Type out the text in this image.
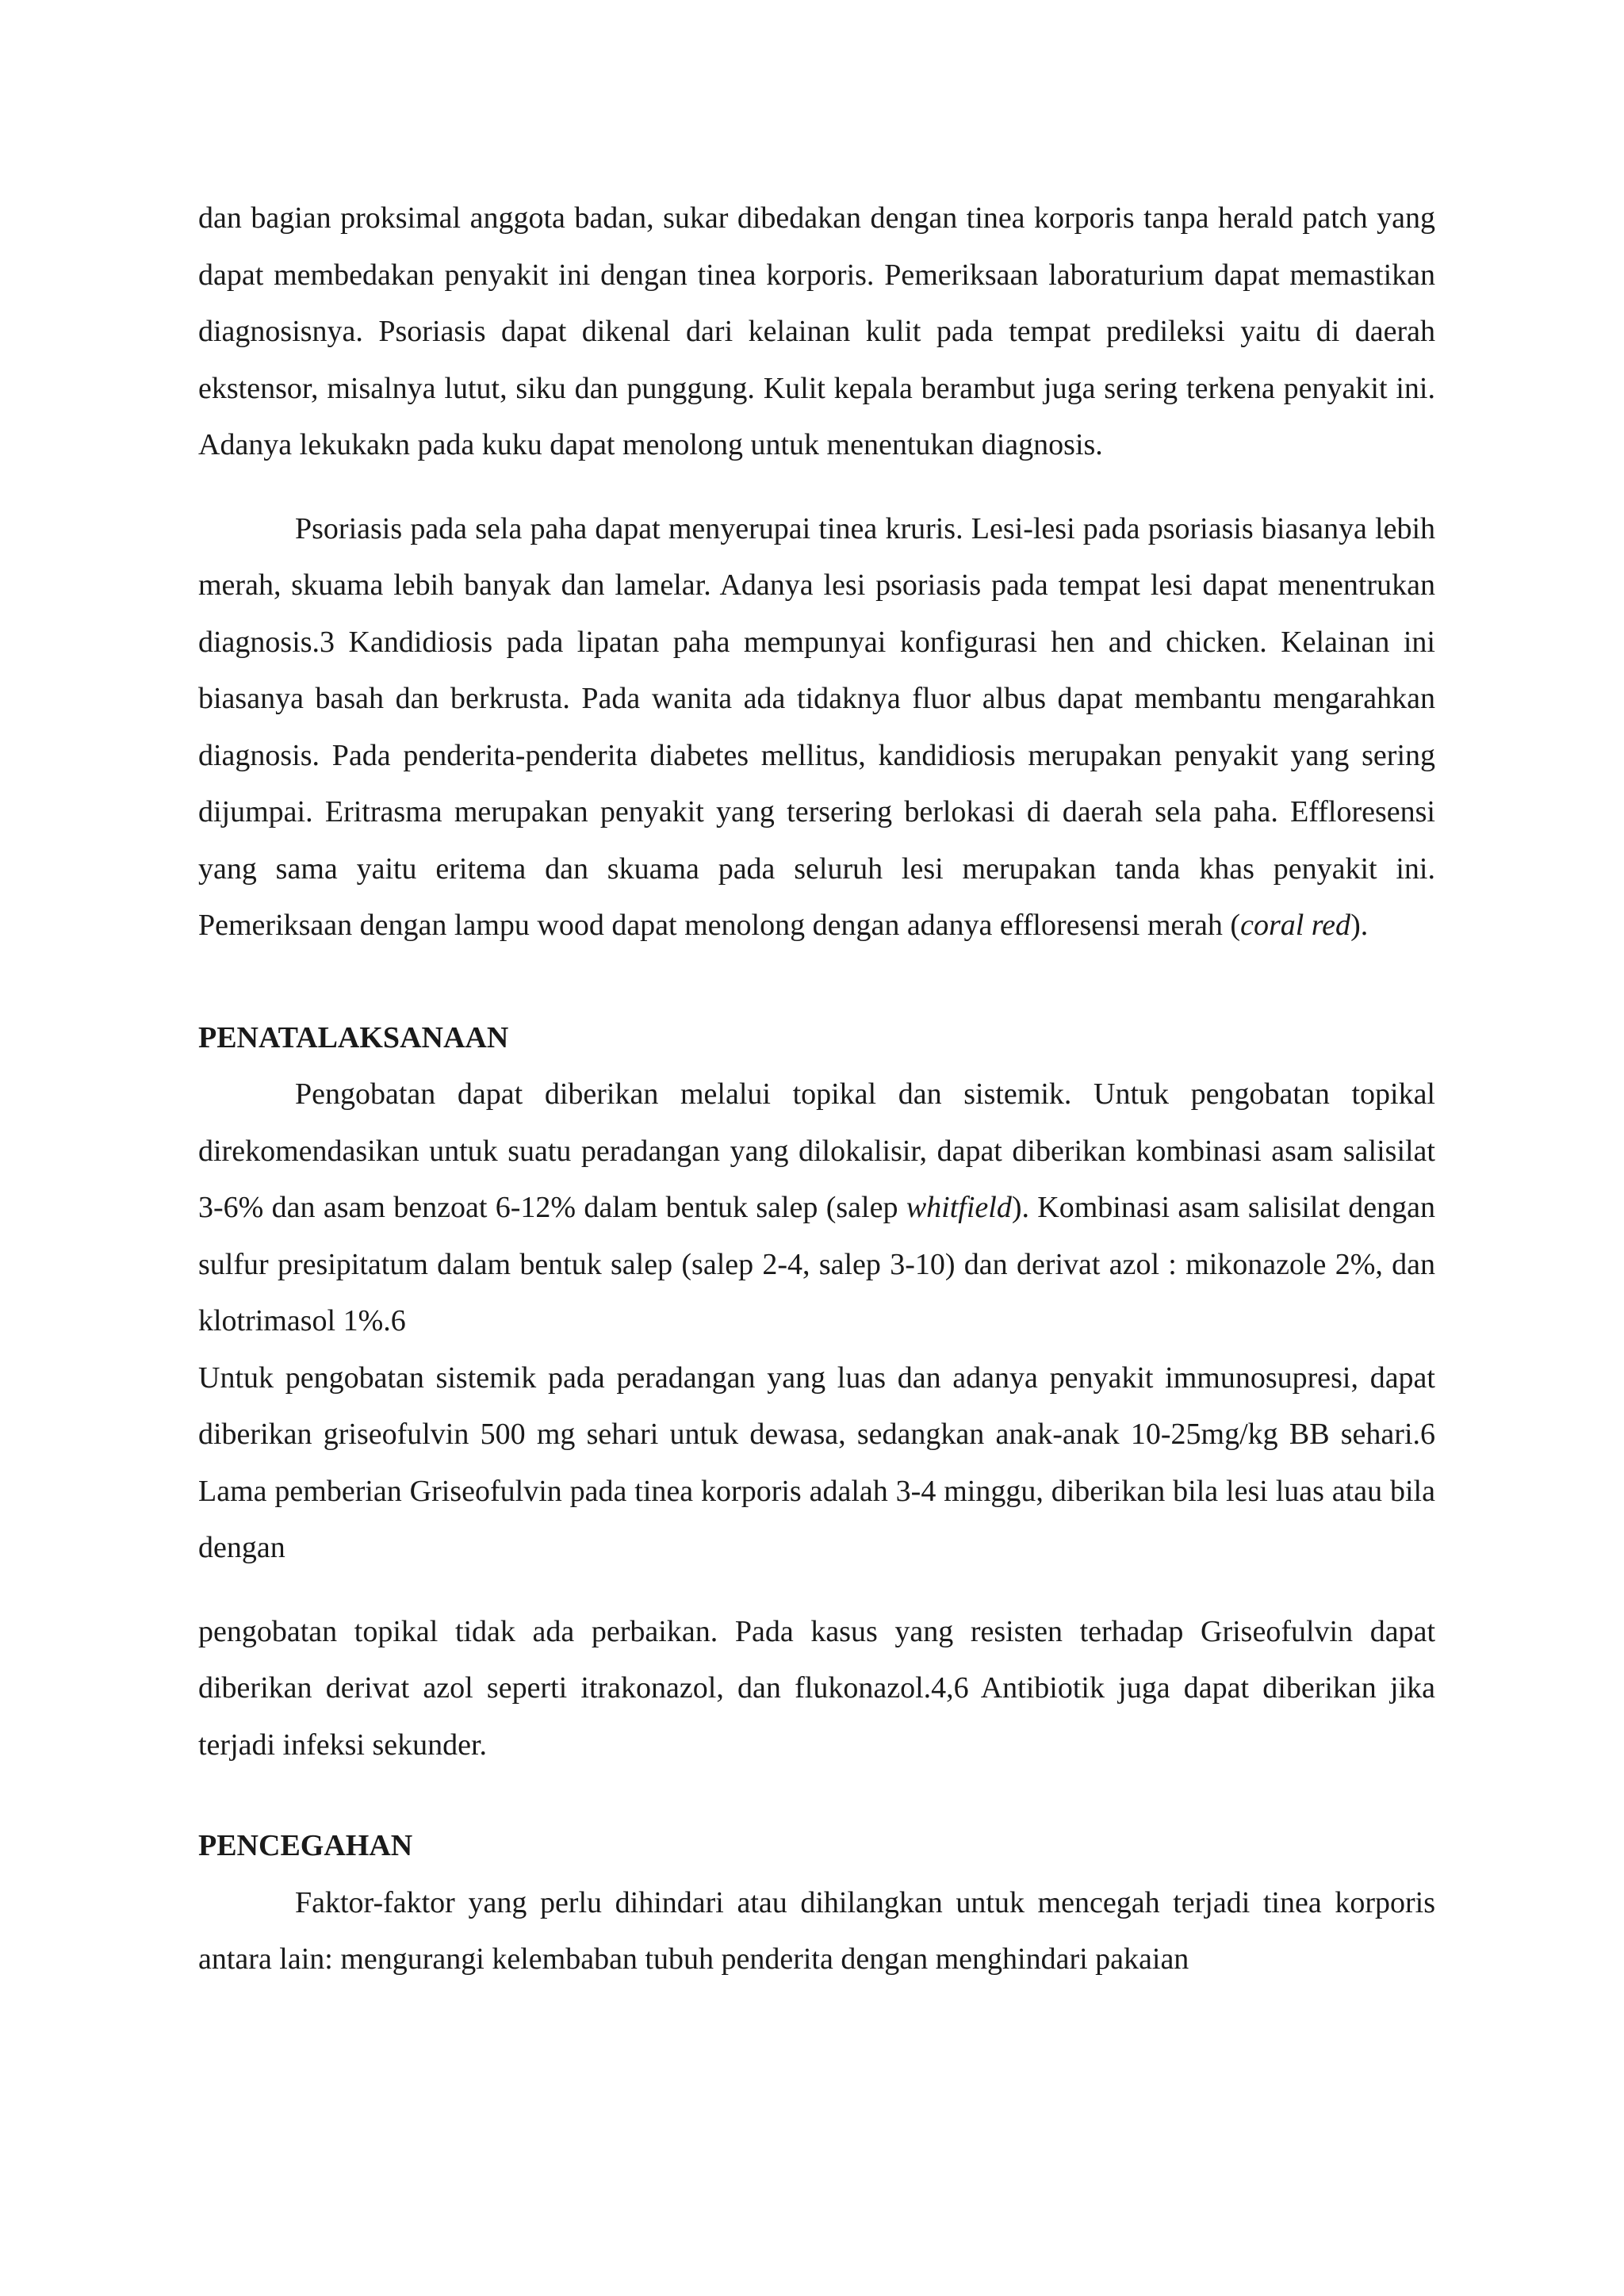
dan bagian proksimal anggota badan, sukar dibedakan dengan tinea korporis tanpa herald patch yang dapat membedakan penyakit ini dengan tinea korporis. Pemeriksaan laboraturium dapat memastikan diagnosisnya. Psoriasis dapat dikenal dari kelainan kulit pada tempat predileksi yaitu di daerah ekstensor, misalnya lutut, siku dan punggung. Kulit kepala berambut juga sering terkena penyakit ini. Adanya lekukakn pada kuku dapat menolong untuk menentukan diagnosis.

Psoriasis pada sela paha dapat menyerupai tinea kruris. Lesi-lesi pada psoriasis biasanya lebih merah, skuama lebih banyak dan lamelar. Adanya lesi psoriasis pada tempat lesi dapat menentrukan diagnosis.3 Kandidiosis pada lipatan paha mempunyai konfigurasi hen and chicken. Kelainan ini biasanya basah dan berkrusta. Pada wanita ada tidaknya fluor albus dapat membantu mengarahkan diagnosis. Pada penderita-penderita diabetes mellitus, kandidiosis merupakan penyakit yang sering dijumpai. Eritrasma merupakan penyakit yang tersering berlokasi di daerah sela paha. Effloresensi yang sama yaitu eritema dan skuama pada seluruh lesi merupakan tanda khas penyakit ini. Pemeriksaan dengan lampu wood dapat menolong dengan adanya effloresensi merah (coral red).

PENATALAKSANAAN

Pengobatan dapat diberikan melalui topikal dan sistemik. Untuk pengobatan topikal direkomendasikan untuk suatu peradangan yang dilokalisir, dapat diberikan kombinasi asam salisilat 3-6% dan asam benzoat 6-12% dalam bentuk salep (salep whitfield). Kombinasi asam salisilat dengan sulfur presipitatum dalam bentuk salep (salep 2-4, salep 3-10) dan derivat azol : mikonazole 2%, dan klotrimasol 1%.6

Untuk pengobatan sistemik pada peradangan yang luas dan adanya penyakit immunosupresi, dapat diberikan griseofulvin 500 mg sehari untuk dewasa, sedangkan anak-anak 10-25mg/kg BB sehari.6 Lama pemberian Griseofulvin pada tinea korporis adalah 3-4 minggu, diberikan bila lesi luas atau bila dengan

pengobatan topikal tidak ada perbaikan. Pada kasus yang resisten terhadap Griseofulvin dapat diberikan derivat azol seperti itrakonazol, dan flukonazol.4,6 Antibiotik juga dapat diberikan jika terjadi infeksi sekunder.

PENCEGAHAN

Faktor-faktor yang perlu dihindari atau dihilangkan untuk mencegah terjadi tinea korporis antara lain: mengurangi kelembaban tubuh penderita dengan menghindari pakaian
